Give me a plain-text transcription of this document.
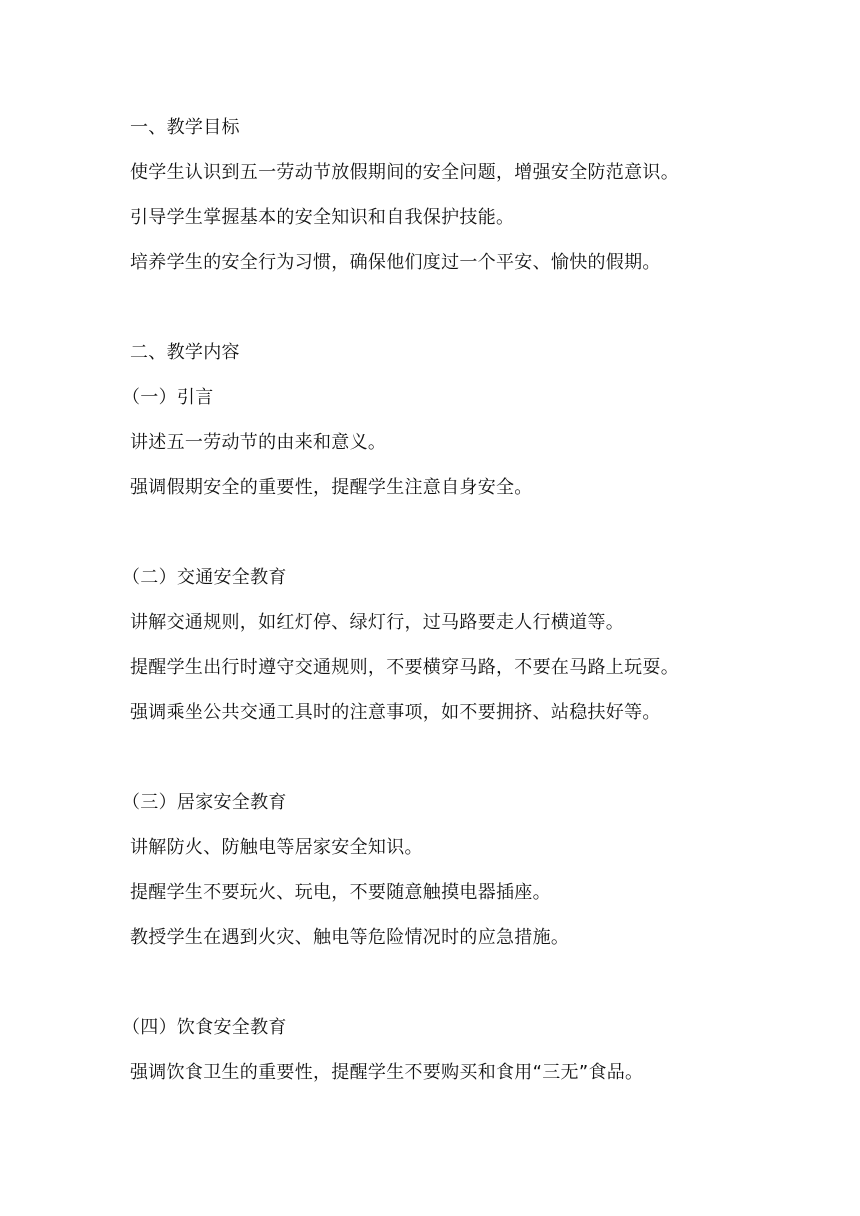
一、教学目标
使学生认识到五一劳动节放假期间的安全问题，增强安全防范意识。
引导学生掌握基本的安全知识和自我保护技能。
培养学生的安全行为习惯，确保他们度过一个平安、愉快的假期。
二、教学内容
（一）引言
讲述五一劳动节的由来和意义。
强调假期安全的重要性，提醒学生注意自身安全。
（二）交通安全教育
讲解交通规则，如红灯停、绿灯行，过马路要走人行横道等。
提醒学生出行时遵守交通规则，不要横穿马路，不要在马路上玩耍。
强调乘坐公共交通工具时的注意事项，如不要拥挤、站稳扶好等。
（三）居家安全教育
讲解防火、防触电等居家安全知识。
提醒学生不要玩火、玩电，不要随意触摸电器插座。
教授学生在遇到火灾、触电等危险情况时的应急措施。
（四）饮食安全教育
强调饮食卫生的重要性，提醒学生不要购买和食用“三无”食品。
